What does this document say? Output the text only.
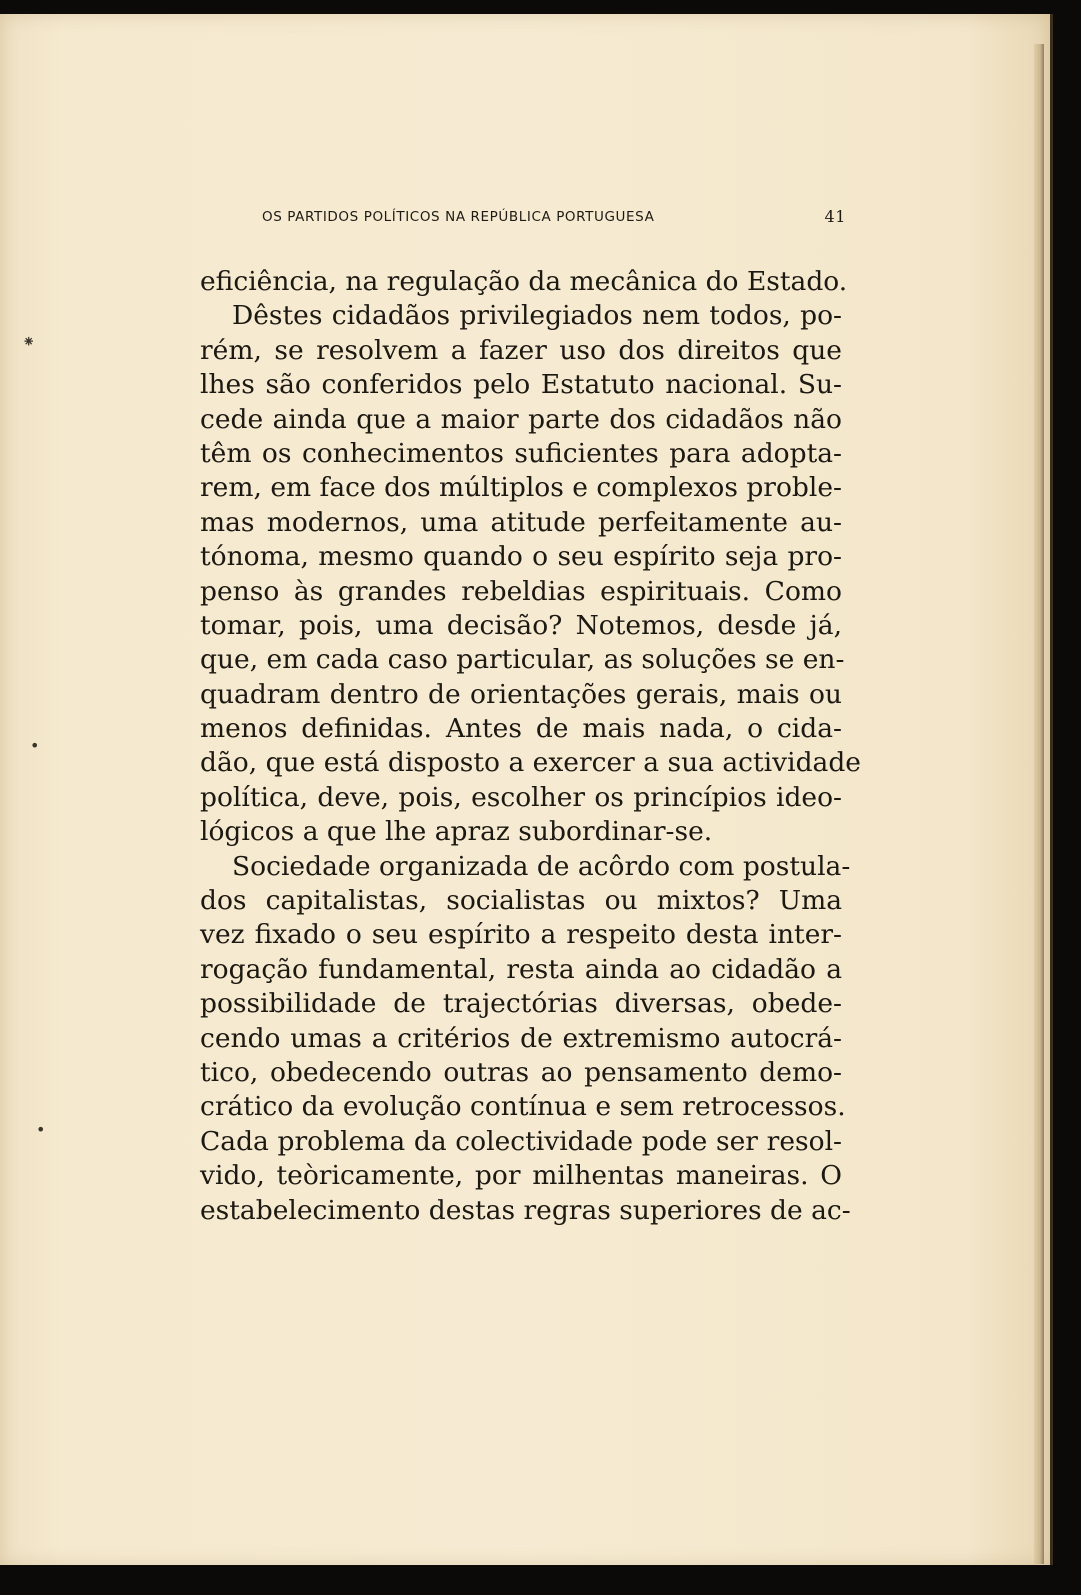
OS PARTIDOS POLÍTICOS NA REPÚBLICA PORTUGUESA	41
eficiência, na regulação da mecânica do Estado.
Dêstes cidadãos privilegiados nem todos, po-
rém, se resolvem a fazer uso dos direitos que
lhes são conferidos pelo Estatuto nacional. Su-
cede ainda que a maior parte dos cidadãos não
têm os conhecimentos suficientes para adopta-
rem, em face dos múltiplos e complexos proble-
mas modernos, uma atitude perfeitamente au-
tónoma, mesmo quando o seu espírito seja pro-
penso às grandes rebeldias espirituais. Como
tomar, pois, uma decisão? Notemos, desde já,
que, em cada caso particular, as soluções se en-
quadram dentro de orientações gerais, mais ou
menos definidas. Antes de mais nada, o cida-
dão, que está disposto a exercer a sua actividade
política, deve, pois, escolher os princípios ideo-
lógicos a que lhe apraz subordinar-se.
Sociedade organizada de acôrdo com postula-
dos capitalistas, socialistas ou mixtos? Uma
vez fixado o seu espírito a respeito desta inter-
rogação fundamental, resta ainda ao cidadão a
possibilidade de trajectórias diversas, obede-
cendo umas a critérios de extremismo autocrá-
tico, obedecendo outras ao pensamento demo-
crático da evolução contínua e sem retrocessos.
Cada problema da colectividade pode ser resol-
vido, teòricamente, por milhentas maneiras. O
estabelecimento destas regras superiores de ac-
⁕
•
•
